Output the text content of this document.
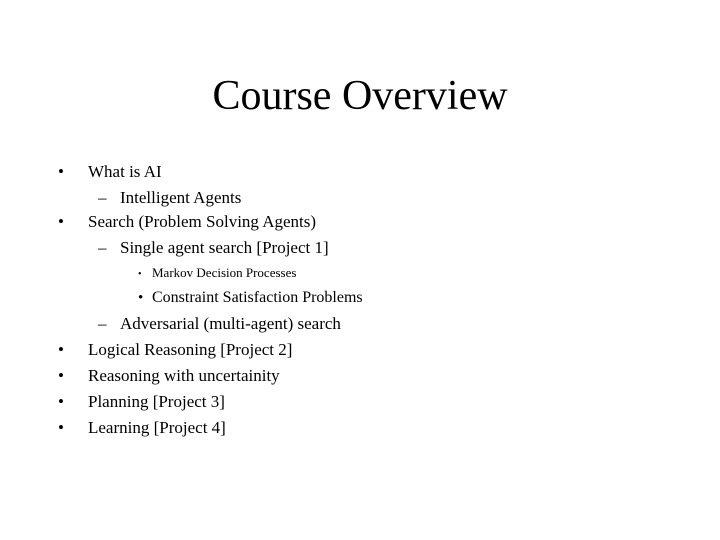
Course Overview
• What is AI
– Intelligent Agents
• Search (Problem Solving Agents)
– Single agent search [Project 1]
• Markov Decision Processes
• Constraint Satisfaction Problems
– Adversarial (multi-agent) search
• Logical Reasoning [Project 2]
• Reasoning with uncertainity
• Planning [Project 3]
• Learning [Project 4]
